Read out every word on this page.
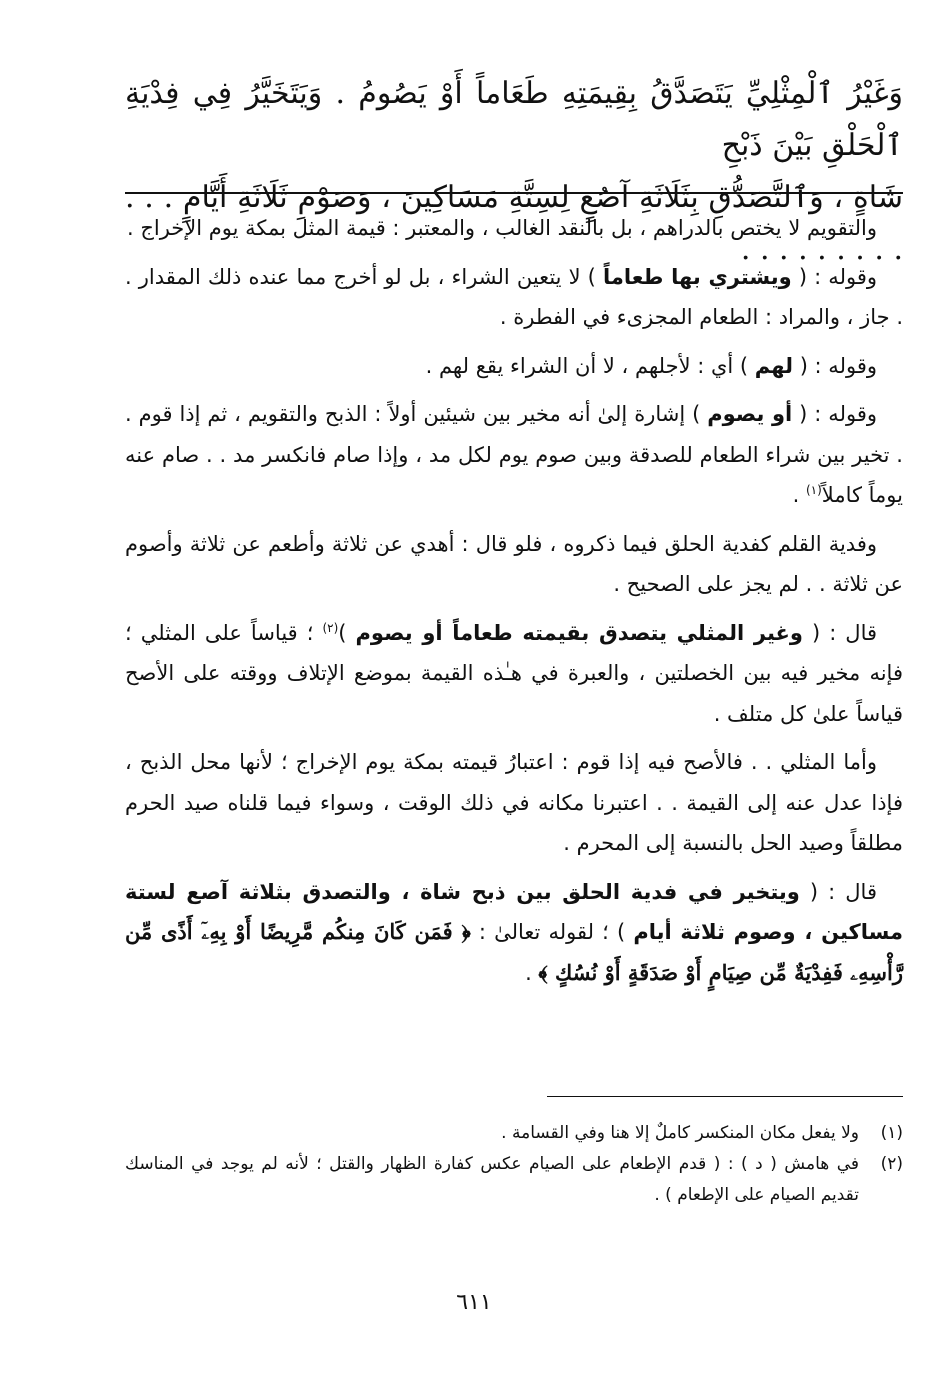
وَغَيْرُ ٱلْمِثْلِيِّ يَتَصَدَّقُ بِقِيمَتِهِ طَعَاماً أَوْ يَصُومُ . وَيَتَخَيَّرُ فِي فِدْيَةِ ٱلْحَلْقِ بَيْنَ ذَبْحِ
شَاةٍ ، وَٱلتَّصَدُّقِ بِثَلَاثَةِ آصُعٍ لِسِتَّةِ مَسَاكِينَ ، وَصَوْمِ ثَلَاثَةِ أَيَّامٍ . . . . . . . . . . . .

والتقويم لا يختص بالدراهم ، بل بالنقد الغالب ، والمعتبر : قيمة المثل بمكة يوم الإخراج .

وقوله : ( ويشتري بها طعاماً ) لا يتعين الشراء ، بل لو أخرج مما عنده ذلك المقدار . . جاز ، والمراد : الطعام المجزىء في الفطرة .

وقوله : ( لهم ) أي : لأجلهم ، لا أن الشراء يقع لهم .

وقوله : ( أو يصوم ) إشارة إلىٰ أنه مخير بين شيئين أولاً : الذبح والتقويم ، ثم إذا قوم . . تخير بين شراء الطعام للصدقة وبين صوم يوم لكل مد ، وإذا صام فانكسر مد . . صام عنه يوماً كاملاً$^{(١)}$ .

وفدية القلم كفدية الحلق فيما ذكروه ، فلو قال : أهدي عن ثلاثة وأطعم عن ثلاثة وأصوم عن ثلاثة . . لم يجز على الصحيح .

قال : ( وغير المثلي يتصدق بقيمته طعاماً أو يصوم )$^{(٢)}$ ؛ قياساً على المثلي ؛ فإنه مخير فيه بين الخصلتين ، والعبرة في هـٰذه القيمة بموضع الإتلاف ووقته على الأصح قياساً علىٰ كل متلف .

وأما المثلي . . فالأصح فيه إذا قوم : اعتبارُ قيمته بمكة يوم الإخراج ؛ لأنها محل الذبح ، فإذا عدل عنه إلى القيمة . . اعتبرنا مكانه في ذلك الوقت ، وسواء فيما قلناه صيد الحرم مطلقاً وصيد الحل بالنسبة إلى المحرم .

قال : ( ويتخير في فدية الحلق بين ذبح شاة ، والتصدق بثلاثة آصع لستة مساكين ، وصوم ثلاثة أيام ) ؛ لقوله تعالىٰ : ﴿ فَمَن كَانَ مِنكُم مَّرِيضًا أَوْ بِهِۦٓ أَذًى مِّن رَّأْسِهِۦ فَفِدْيَةٌ مِّن صِيَامٍ أَوْ صَدَقَةٍ أَوْ نُسُكٍ ﴾ .

(١)
ولا يفعل مكان المنكسر كاملٌ إلا هنا وفي القسامة .
(٢)
في هامش ( د ) : ( قدم الإطعام على الصيام عكس كفارة الظهار والقتل ؛ لأنه لم يوجد في المناسك تقديم الصيام على الإطعام ) .
٦١١
